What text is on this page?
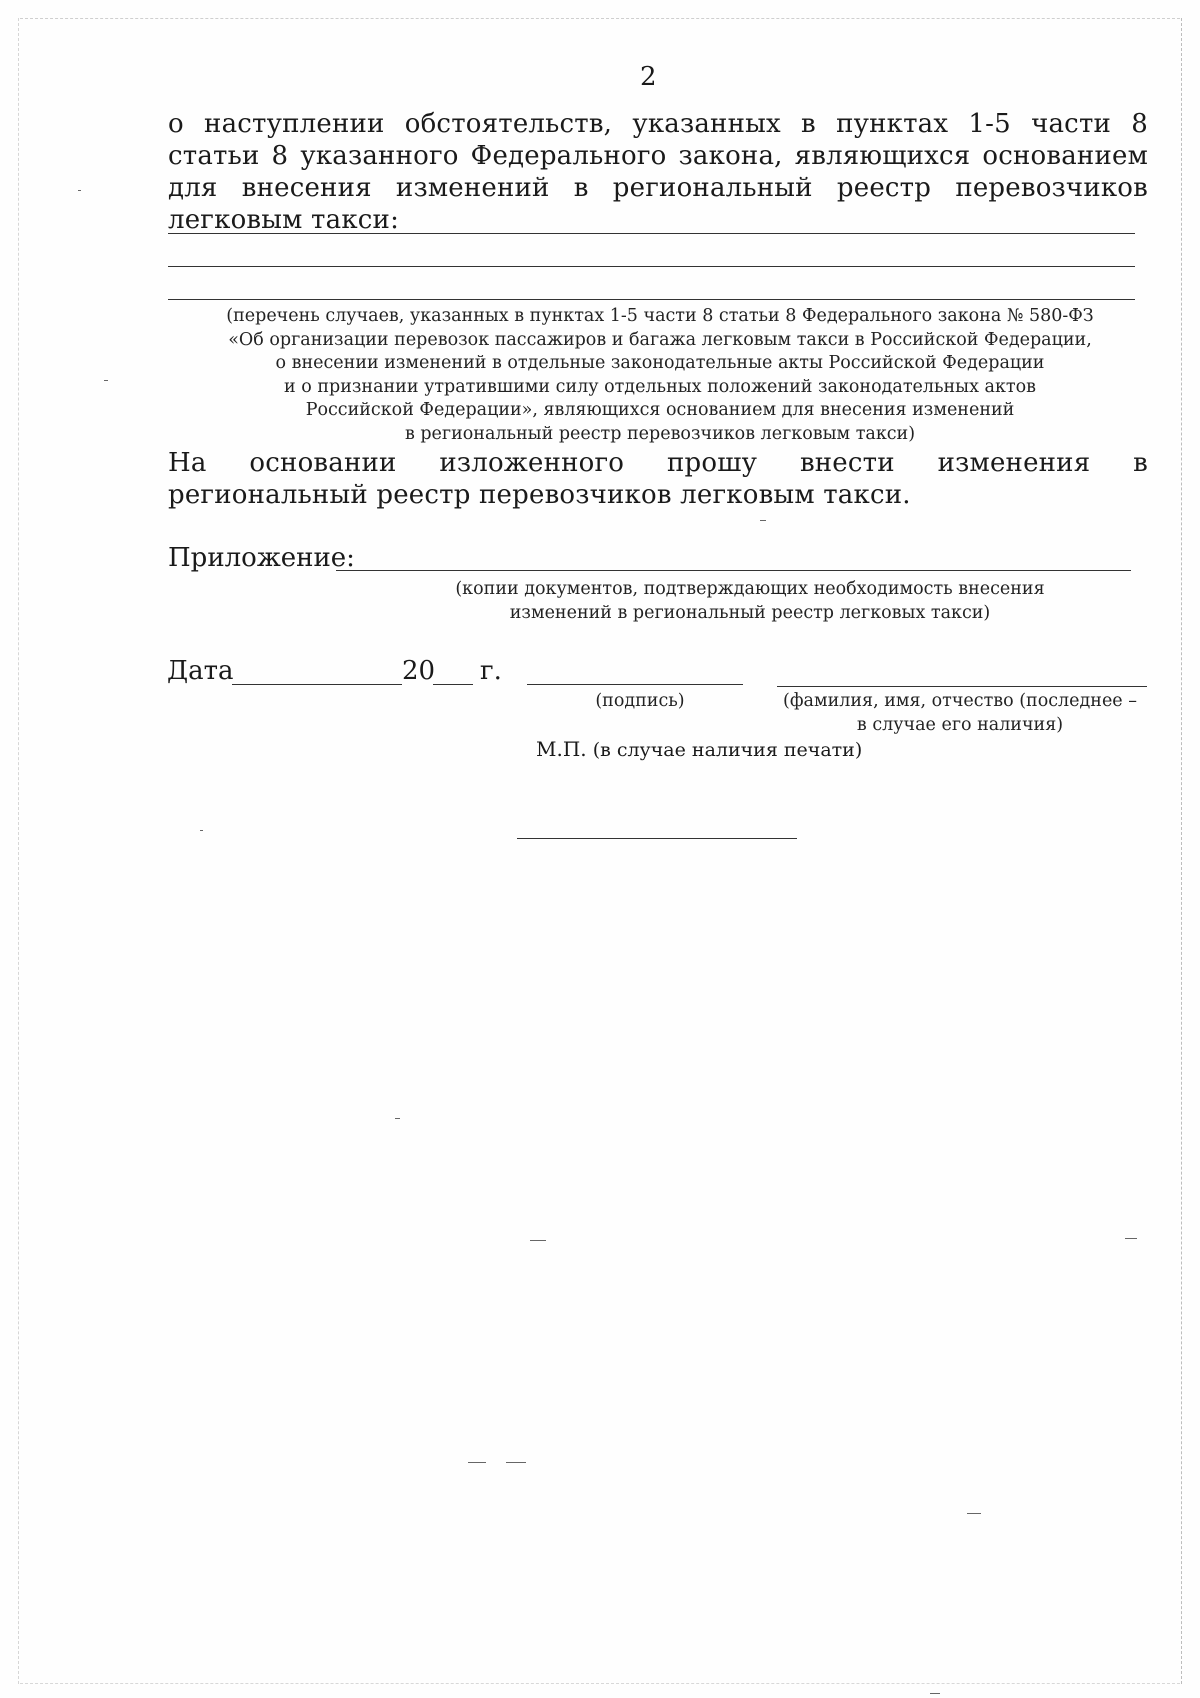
2
о наступлении обстоятельств, указанных в пунктах 1-5 части 8 статьи 8 указанного Федерального закона, являющихся основанием для внесения изменений в региональный реестр перевозчиков легковым такси:
(перечень случаев, указанных в пунктах 1-5 части 8 статьи 8 Федерального закона № 580-ФЗ
«Об организации перевозок пассажиров и багажа легковым такси в Российской Федерации,
о внесении изменений в отдельные законодательные акты Российской Федерации
и о признании утратившими силу отдельных положений законодательных актов
Российской Федерации», являющихся основанием для внесения изменений
в региональный реестр перевозчиков легковым такси)
На основании изложенного прошу внести изменения в региональный реестр перевозчиков легковым такси.
Приложение:
(копии документов, подтверждающих необходимость внесения
изменений в региональный реестр легковых такси)
Дата	20 г.
(подпись)	(фамилия, имя, отчество (последнее –
в случае его наличия)
М.П. (в случае наличия печати)
